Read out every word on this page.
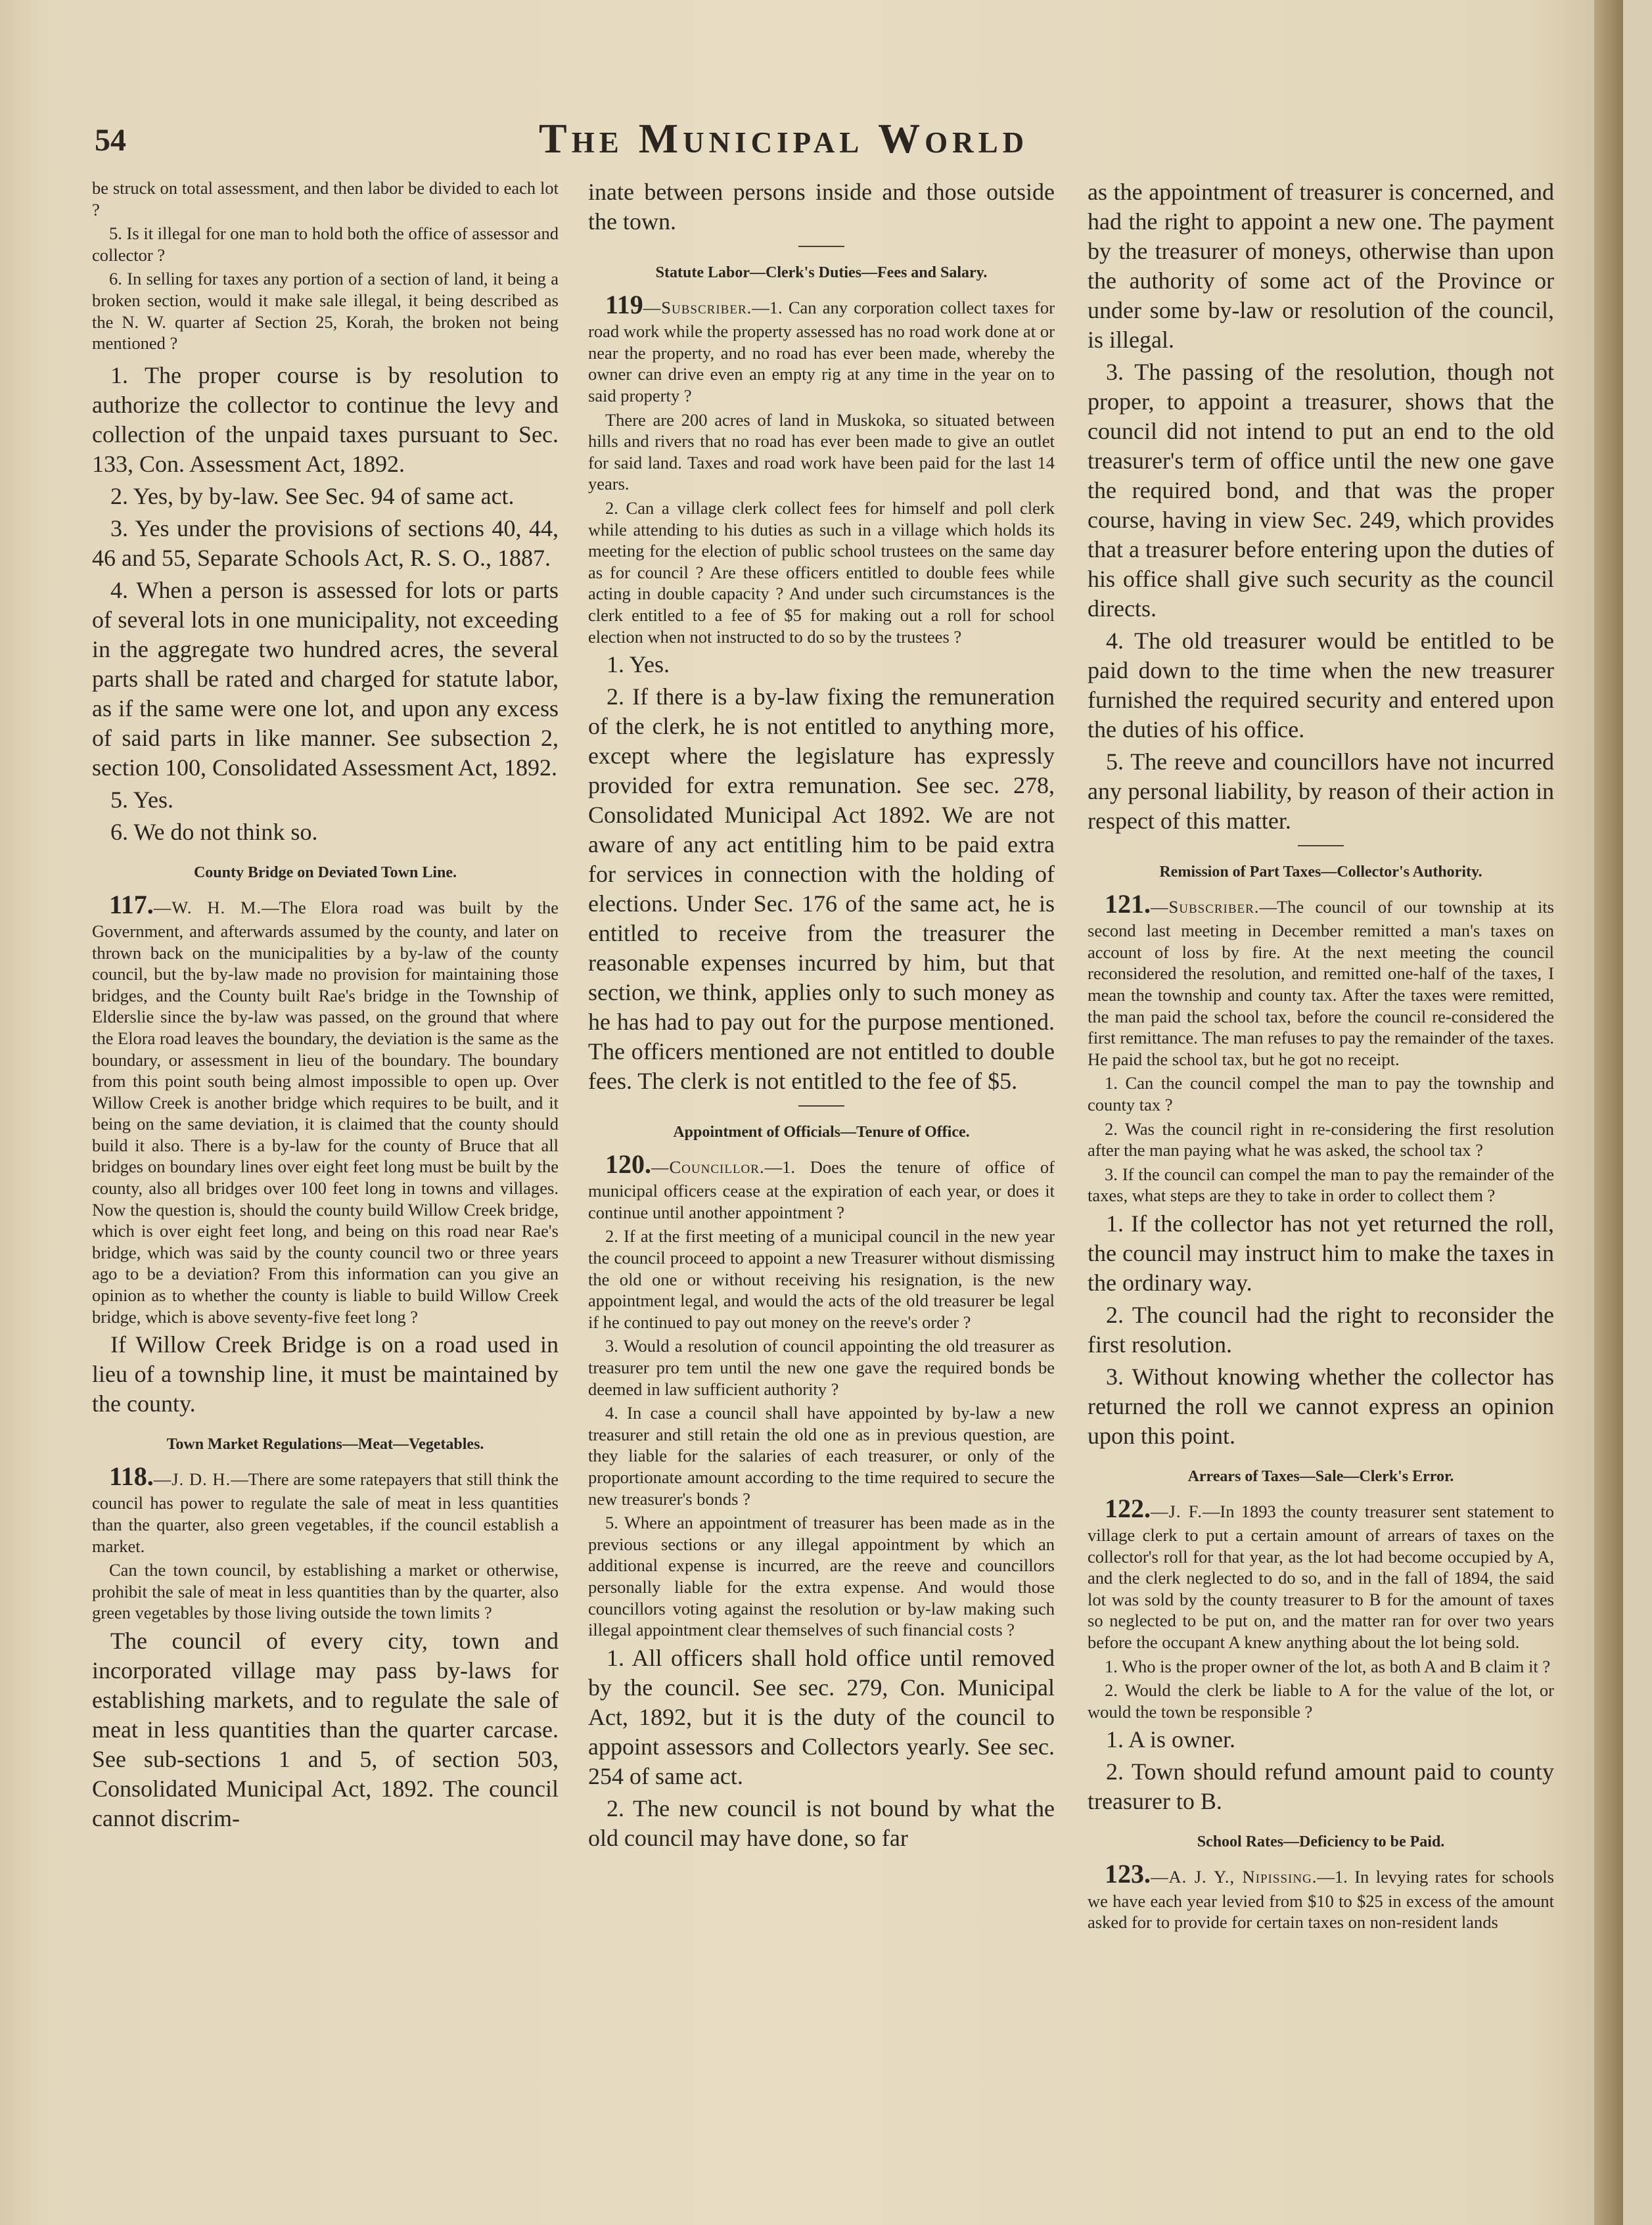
54	The Municipal World

be struck on total assessment, and then labor be divided to each lot ?

5. Is it illegal for one man to hold both the office of assessor and collector ?

6. In selling for taxes any portion of a section of land, it being a broken section, would it make sale illegal, it being described as the N. W. quarter af Section 25, Korah, the broken not being mentioned ?

1. The proper course is by resolution to authorize the collector to continue the levy and collection of the unpaid taxes pursuant to Sec. 133, Con. Assessment Act, 1892.

2. Yes, by by-law. See Sec. 94 of same act.

3. Yes under the provisions of sections 40, 44, 46 and 55, Separate Schools Act, R. S. O., 1887.

4. When a person is assessed for lots or parts of several lots in one municipality, not exceeding in the aggregate two hundred acres, the several parts shall be rated and charged for statute labor, as if the same were one lot, and upon any excess of said parts in like manner. See subsection 2, section 100, Consolidated Assessment Act, 1892.

5. Yes.

6. We do not think so.

County Bridge on Deviated Town Line.

117.—W. H. M.—The Elora road was built by the Government, and afterwards assumed by the county, and later on thrown back on the municipalities by a by-law of the county council, but the by-law made no provision for maintaining those bridges, and the County built Rae's bridge in the Township of Elderslie since the by-law was passed, on the ground that where the Elora road leaves the boundary, the deviation is the same as the boundary, or assessment in lieu of the boundary. The boundary from this point south being almost impossible to open up. Over Willow Creek is another bridge which requires to be built, and it being on the same deviation, it is claimed that the county should build it also. There is a by-law for the county of Bruce that all bridges on boundary lines over eight feet long must be built by the county, also all bridges over 100 feet long in towns and villages. Now the question is, should the county build Willow Creek bridge, which is over eight feet long, and being on this road near Rae's bridge, which was said by the county council two or three years ago to be a deviation? From this information can you give an opinion as to whether the county is liable to build Willow Creek bridge, which is above seventy-five feet long ?

If Willow Creek Bridge is on a road used in lieu of a township line, it must be maintained by the county.

Town Market Regulations—Meat—Vegetables.

118.—J. D. H.—There are some ratepayers that still think the council has power to regulate the sale of meat in less quantities than the quarter, also green vegetables, if the council establish a market.

Can the town council, by establishing a market or otherwise, prohibit the sale of meat in less quantities than by the quarter, also green vegetables by those living outside the town limits ?

The council of every city, town and incorporated village may pass by-laws for establishing markets, and to regulate the sale of meat in less quantities than the quarter carcase. See sub-sections 1 and 5, of section 503, Consolidated Municipal Act, 1892. The council cannot discrim-

inate between persons inside and those outside the town.

Statute Labor—Clerk's Duties—Fees and Salary.

119—Subscriber.—1. Can any corporation collect taxes for road work while the property assessed has no road work done at or near the property, and no road has ever been made, whereby the owner can drive even an empty rig at any time in the year on to said property ?

There are 200 acres of land in Muskoka, so situated between hills and rivers that no road has ever been made to give an outlet for said land. Taxes and road work have been paid for the last 14 years.

2. Can a village clerk collect fees for himself and poll clerk while attending to his duties as such in a village which holds its meeting for the election of public school trustees on the same day as for council ? Are these officers entitled to double fees while acting in double capacity ? And under such circumstances is the clerk entitled to a fee of $5 for making out a roll for school election when not instructed to do so by the trustees ?

1. Yes.

2. If there is a by-law fixing the remuneration of the clerk, he is not entitled to anything more, except where the legislature has expressly provided for extra remunation. See sec. 278, Consolidated Municipal Act 1892. We are not aware of any act entitling him to be paid extra for services in connection with the holding of elections. Under Sec. 176 of the same act, he is entitled to receive from the treasurer the reasonable expenses incurred by him, but that section, we think, applies only to such money as he has had to pay out for the purpose mentioned. The officers mentioned are not entitled to double fees. The clerk is not entitled to the fee of $5.

Appointment of Officials—Tenure of Office.

120.—Councillor.—1. Does the tenure of office of municipal officers cease at the expiration of each year, or does it continue until another appointment ?

2. If at the first meeting of a municipal council in the new year the council proceed to appoint a new Treasurer without dismissing the old one or without receiving his resignation, is the new appointment legal, and would the acts of the old treasurer be legal if he continued to pay out money on the reeve's order ?

3. Would a resolution of council appointing the old treasurer as treasurer pro tem until the new one gave the required bonds be deemed in law sufficient authority ?

4. In case a council shall have appointed by by-law a new treasurer and still retain the old one as in previous question, are they liable for the salaries of each treasurer, or only of the proportionate amount according to the time required to secure the new treasurer's bonds ?

5. Where an appointment of treasurer has been made as in the previous sections or any illegal appointment by which an additional expense is incurred, are the reeve and councillors personally liable for the extra expense. And would those councillors voting against the resolution or by-law making such illegal appointment clear themselves of such financial costs ?

1. All officers shall hold office until removed by the council. See sec. 279, Con. Municipal Act, 1892, but it is the duty of the council to appoint assessors and Collectors yearly. See sec. 254 of same act.

2. The new council is not bound by what the old council may have done, so far

as the appointment of treasurer is concerned, and had the right to appoint a new one. The payment by the treasurer of moneys, otherwise than upon the authority of some act of the Province or under some by-law or resolution of the council, is illegal.

3. The passing of the resolution, though not proper, to appoint a treasurer, shows that the council did not intend to put an end to the old treasurer's term of office until the new one gave the required bond, and that was the proper course, having in view Sec. 249, which provides that a treasurer before entering upon the duties of his office shall give such security as the council directs.

4. The old treasurer would be entitled to be paid down to the time when the new treasurer furnished the required security and entered upon the duties of his office.

5. The reeve and councillors have not incurred any personal liability, by reason of their action in respect of this matter.

Remission of Part Taxes—Collector's Authority.

121.—Subscriber.—The council of our township at its second last meeting in December remitted a man's taxes on account of loss by fire. At the next meeting the council reconsidered the resolution, and remitted one-half of the taxes, I mean the township and county tax. After the taxes were remitted, the man paid the school tax, before the council re-considered the first remittance. The man refuses to pay the remainder of the taxes. He paid the school tax, but he got no receipt.

1. Can the council compel the man to pay the township and county tax ?

2. Was the council right in re-considering the first resolution after the man paying what he was asked, the school tax ?

3. If the council can compel the man to pay the remainder of the taxes, what steps are they to take in order to collect them ?

1. If the collector has not yet returned the roll, the council may instruct him to make the taxes in the ordinary way.

2. The council had the right to reconsider the first resolution.

3. Without knowing whether the collector has returned the roll we cannot express an opinion upon this point.

Arrears of Taxes—Sale—Clerk's Error.

122.—J. F.—In 1893 the county treasurer sent statement to village clerk to put a certain amount of arrears of taxes on the collector's roll for that year, as the lot had become occupied by A, and the clerk neglected to do so, and in the fall of 1894, the said lot was sold by the county treasurer to B for the amount of taxes so neglected to be put on, and the matter ran for over two years before the occupant A knew anything about the lot being sold.

1. Who is the proper owner of the lot, as both A and B claim it ?

2. Would the clerk be liable to A for the value of the lot, or would the town be responsible ?

1. A is owner.

2. Town should refund amount paid to county treasurer to B.

School Rates—Deficiency to be Paid.

123.—A. J. Y., Nipissing.—1. In levying rates for schools we have each year levied from $10 to $25 in excess of the amount asked for to provide for certain taxes on non-resident lands
